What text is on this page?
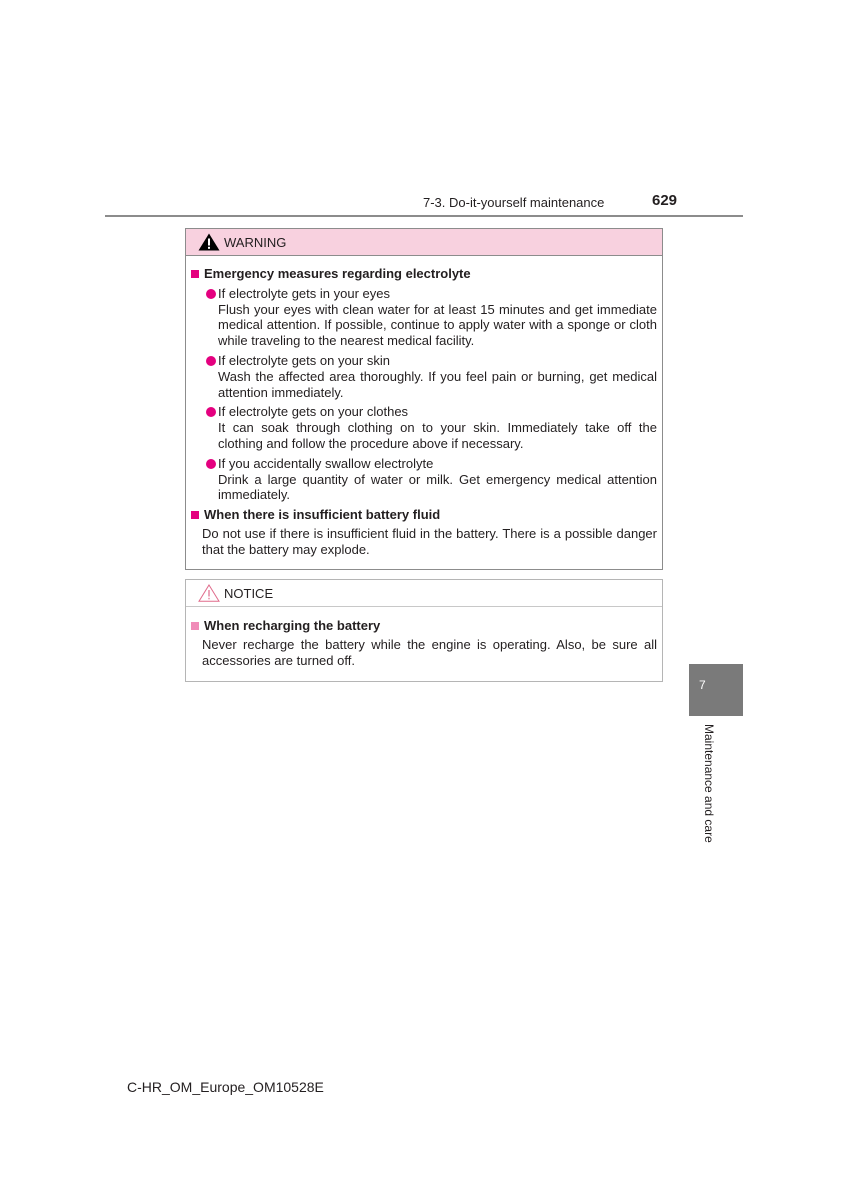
7-3. Do-it-yourself maintenance	629
WARNING
Emergency measures regarding electrolyte
If electrolyte gets in your eyes
Flush your eyes with clean water for at least 15 minutes and get immediate medical attention. If possible, continue to apply water with a sponge or cloth while traveling to the nearest medical facility.
If electrolyte gets on your skin
Wash the affected area thoroughly. If you feel pain or burning, get medical attention immediately.
If electrolyte gets on your clothes
It can soak through clothing on to your skin. Immediately take off the clothing and follow the procedure above if necessary.
If you accidentally swallow electrolyte
Drink a large quantity of water or milk. Get emergency medical attention immediately.
When there is insufficient battery fluid
Do not use if there is insufficient fluid in the battery. There is a possible danger that the battery may explode.
NOTICE
When recharging the battery
Never recharge the battery while the engine is operating. Also, be sure all accessories are turned off.
7
Maintenance and care
C-HR_OM_Europe_OM10528E
